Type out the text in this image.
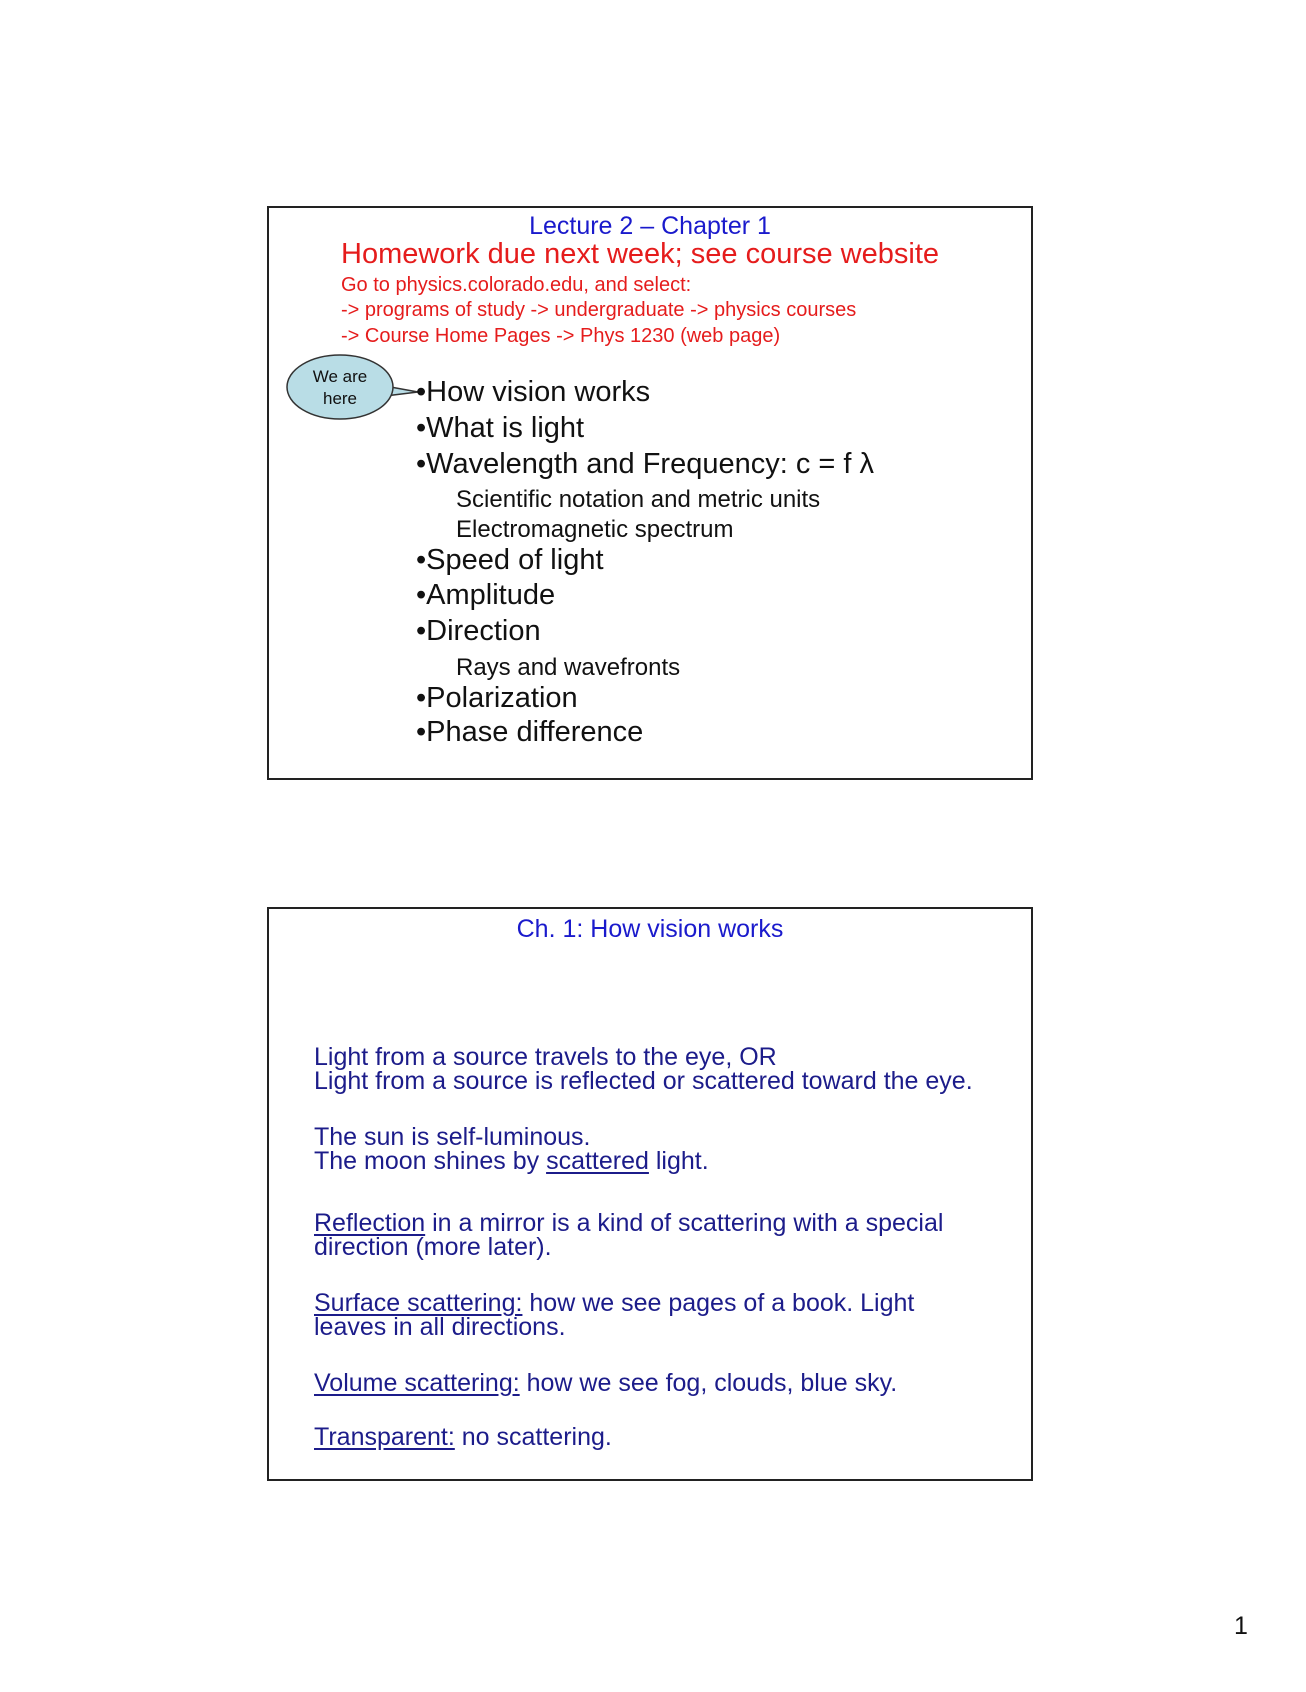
Lecture 2 – Chapter 1
Homework due next week; see course website
Go to physics.colorado.edu, and select:
-> programs of study -> undergraduate -> physics courses
-> Course Home Pages -> Phys 1230 (web page)
We are
here •How vision works
•What is light
•Wavelength and Frequency: c = f λ
Scientific notation and metric units
Electromagnetic spectrum
•Speed of light
•Amplitude
•Direction
Rays and wavefronts
•Polarization
•Phase difference
Ch. 1: How vision works
Light from a source travels to the eye, OR
Light from a source is reflected or scattered toward the eye.
The sun is self-luminous.
The moon shines by scattered light.
Reflection in a mirror is a kind of scattering with a special
direction (more later).
Surface scattering: how we see pages of a book. Light
leaves in all directions.
Volume scattering: how we see fog, clouds, blue sky.
Transparent: no scattering.
1
